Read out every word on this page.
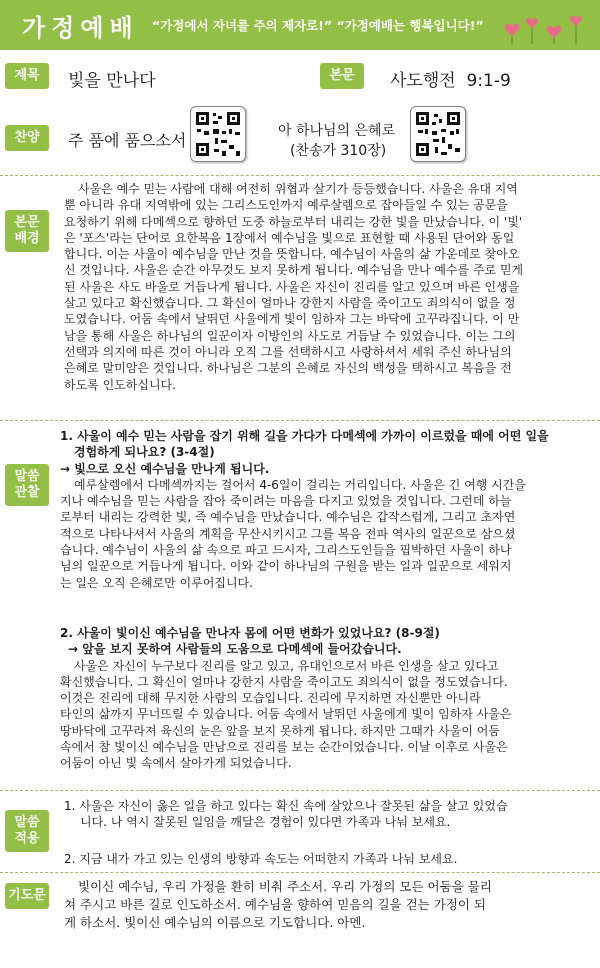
가정예배 “가정에서 자녀를 주의 제자로!” “가정예배는 행복입니다!”
제목	빛을 만나다	본문	사도행전  9:1-9
찬양	주 품에 품으소서	아 하나님의 은혜로
(찬송가 310장)
본문
배경

사울은 예수 믿는 사람에 대해 여전히 위협과 살기가 등등했습니다. 사울은 유대 지역

뿐 아니라 유대 지역밖에 있는 그리스도인까지 예루살렘으로 잡아들일 수 있는 공문을

요청하기 위해 다메섹으로 향하던 도중 하늘로부터 내리는 강한 빛을 만났습니다. 이 '빛'

은 '포스'라는 단어로 요한복음 1장에서 예수님을 빛으로 표현할 때 사용된 단어와 동일

합니다. 이는 사울이 예수님을 만난 것을 뜻합니다. 예수님이 사울의 삶 가운데로 찾아오

신 것입니다. 사울은 순간 아무것도 보지 못하게 됩니다. 예수님을 만나 예수를 주로 믿게

된 사울은 사도 바울로 거듭나게 됩니다. 사울은 자신이 진리를 알고 있으며 바른 인생을

살고 있다고 확신했습니다. 그 확신이 얼마나 강한지 사람을 죽이고도 죄의식이 없을 정

도였습니다. 어둠 속에서 날뛰던 사울에게 빛이 임하자 그는 바닥에 고꾸라집니다. 이 만

남을 통해 사울은 하나님의 일꾼이자 이방인의 사도로 거듭날 수 있었습니다. 이는 그의

선택과 의지에 따른 것이 아니라 오직 그를 선택하시고 사랑하셔서 세워 주신 하나님의

은혜로 말미암은 것입니다. 하나님은 그분의 은혜로 자신의 백성을 택하시고 복음을 전

하도록 인도하십니다.

말씀
관찰

1. 사울이 예수 믿는 사람을 잡기 위해 길을 가다가 다메섹에 가까이 이르렀을 때에 어떤 일을

경험하게 되나요? (3-4절)

→ 빛으로 오신 예수님을 만나게 됩니다.

예루살렘에서 다메섹까지는 걸어서 4-6일이 걸리는 거리입니다. 사울은 긴 여행 시간을

지나 예수님을 믿는 사람을 잡아 죽이려는 마음을 다지고 있었을 것입니다. 그런데 하늘

로부터 내리는 강력한 빛, 즉 예수님을 만났습니다. 예수님은 갑작스럽게, 그리고 초자연

적으로 나타나셔서 사울의 계획을 무산시키시고 그를 복음 전파 역사의 일꾼으로 삼으셨

습니다. 예수님이 사울의 삶 속으로 파고 드시자, 그리스도인들을 핍박하던 사울이 하나

님의 일꾼으로 거듭나게 됩니다. 이와 같이 하나님의 구원을 받는 일과 일꾼으로 세워지

는 일은 오직 은혜로만 이루어집니다.

2. 사울이 빛이신 예수님을 만나자 몸에 어떤 변화가 있었나요? (8-9절)

→ 앞을 보지 못하여 사람들의 도움으로 다메섹에 들어갔습니다.

사울은 자신이 누구보다 진리를 알고 있고, 유대인으로서 바른 인생을 살고 있다고

확신했습니다. 그 확신이 얼마나 강한지 사람을 죽이고도 죄의식이 없을 정도였습니다.

이것은 진리에 대해 무지한 사람의 모습입니다. 진리에 무지하면 자신뿐만 아니라

타인의 삶까지 무너뜨릴 수 있습니다. 어둠 속에서 날뛰던 사울에게 빛이 임하자 사울은

땅바닥에 고꾸라져 육신의 눈은 앞을 보지 못하게 됩니다. 하지만 그때가 사울이 어둠

속에서 참 빛이신 예수님을 만남으로 진리를 보는 순간이었습니다. 이날 이후로 사울은

어둠이 아닌 빛 속에서 살아가게 되었습니다.

말씀
적용

1. 사울은 자신이 옳은 일을 하고 있다는 확신 속에 살았으나 잘못된 삶을 살고 있었습

니다. 나 역시 잘못된 일임을 깨달은 경험이 있다면 가족과 나눠 보세요.

2. 지금 내가 가고 있는 인생의 방향과 속도는 어떠한지 가족과 나눠 보세요.

기도문

빛이신 예수님, 우리 가정을 환히 비춰 주소서. 우리 가정의 모든 어둠을 물리

쳐 주시고 바른 길로 인도하소서. 예수님을 향하여 믿음의 길을 걷는 가정이 되

게 하소서. 빛이신 예수님의 이름으로 기도합니다. 아멘.
